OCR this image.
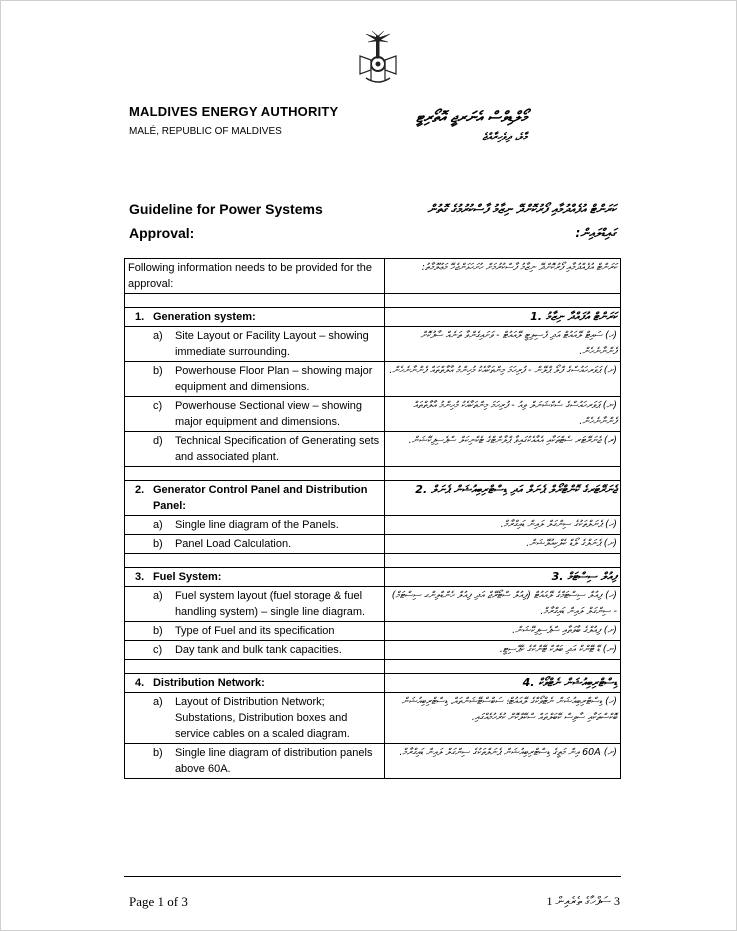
MALDIVES ENERGY AUTHORITY
MALÉ, REPUBLIC OF MALDIVES
މޯލްޑިވްސް އެނަރޖީ އޮތޯރިޓީ
މާލެ، ދިވެހިރާއްޖެ
Guideline for Power Systems Approval:
ކަރަންޓް އުފެއްދުމާއި ފޯރުކޮށްދޭ ނިޒާމު ފާސްކުރުމުގެ ގޮތުން ގައިޑްލައިން:
Following information needs to be provided for the approval:		ކަރަންޓް އުފެއްދުމާއި ފޯރުކޮށްދޭ ނިޒާމު ފާސްކުރުމަށް ހުށަހަޅަންޖެހޭ މަޢުލޫމާތު:

1.	Generation system:	ކަރަންޓް އުފައްދާ ނިޒާމު .1

	a) Site Layout or Facility Layout – showing immediate surrounding.	(ހ) ސައިޓް ލޭއައުޓް އަދި ފެސިލިޓީ ލޭއައުޓް - ވަށައިގެންވާ ތަނެއް ސާފުކޮށް ފެންނާނެހެން.

	b) Powerhouse Floor Plan – showing major equipment and dimensions.	(ށ) ޕަވަރހައުސްގެ ފްލޯ ޕްލޭން - ފުރިހަމަ މިންތަކާއެކު މުހިންމު އާލާތްތައް ފެންނާނެހެން.

	c) Powerhouse Sectional view – showing major equipment and dimensions.	(ނ) ޕަވަރހައުސްގެ ސެކްޝަނަލް ވިއު - ފުރިހަމަ މިންތަކާއެކު މުހިންމު އާލާތްތައް ފެންނާނެހެން.

	d) Technical Specification of Generating sets and associated plant.	(ރ) ޖެނަރޭޓަރ ސެޓްތަކާއި އެއާއެކުގައިވާ ޕްލާންޓްގެ ޓެކްނިކަލް ސްޕެސިފިކޭޝަން.

2.	Generator Control Panel and Distribution Panel:	ޖެނަރޭޓަރގެ ކޮންޓްރޯލް ޕެނަލް އަދި ޑިސްޓްރިބިއުޝަން ޕެނަލް .2

	a) Single line diagram of the Panels.	(ހ) ޕެނަލްތަކުގެ ސިންގަލް ލައިން ޑައިގްރާމް.

	b) Panel Load Calculation.	(ށ) ޕެނަލްގެ ލޯޑް ކެލްކިއުލޭޝަން.

3.	Fuel System:	ފިއުލް ސިސްޓަމް .3

	a) Fuel system layout (fuel storage & fuel handling system) – single line diagram.	(ހ) ފިއުލް ސިސްޓަމްގެ ލޭއައުޓް (ފިއުލް ސްޓޯރޭޖް އަދި ފިއުލް ހެންޑްލިންގ ސިސްޓަމް) - ސިންގަލް ލައިން ޑައިގްރާމް.

	b) Type of Fuel and its specification	(ށ) ފިއުލްގެ ބާވަތާއި ސްޕެސިފިކޭޝަން.

	c) Day tank and bulk tank capacities.	(ނ) ޑޭ ޓޭންކް އަދި ބަލްކް ޓޭންކްގެ ކެޕޭސިޓީ.

4.	Distribution Network:	ޑިސްޓްރިބިއުޝަން ނެޓްވޯކް .4

	a) Layout of Distribution Network; Substations, Distribution boxes and service cables on a scaled diagram.	(ހ) ޑިސްޓްރިބިއުޝަން ނެޓްވޯކްގެ ލޭއައުޓް؛ ސަބްސްޓޭޝަންތައް، ޑިސްޓްރިބިއުޝަން ބޮކްސްތަކާއި ސާވިސް ކޭބަލްތައް ސްކޭލްކޮށް ކުރެހުމެއްގައި.

	b) Single line diagram of distribution panels above 60A.	(ށ) 60A އިން މަތީގެ ޑިސްޓްރިބިއުޝަން ޕެނަލްތަކުގެ ސިންގަލް ލައިން ޑައިގްރާމް.
Page 1 of 3	3 ސަފްހާގެ ތެރެއިން 1
